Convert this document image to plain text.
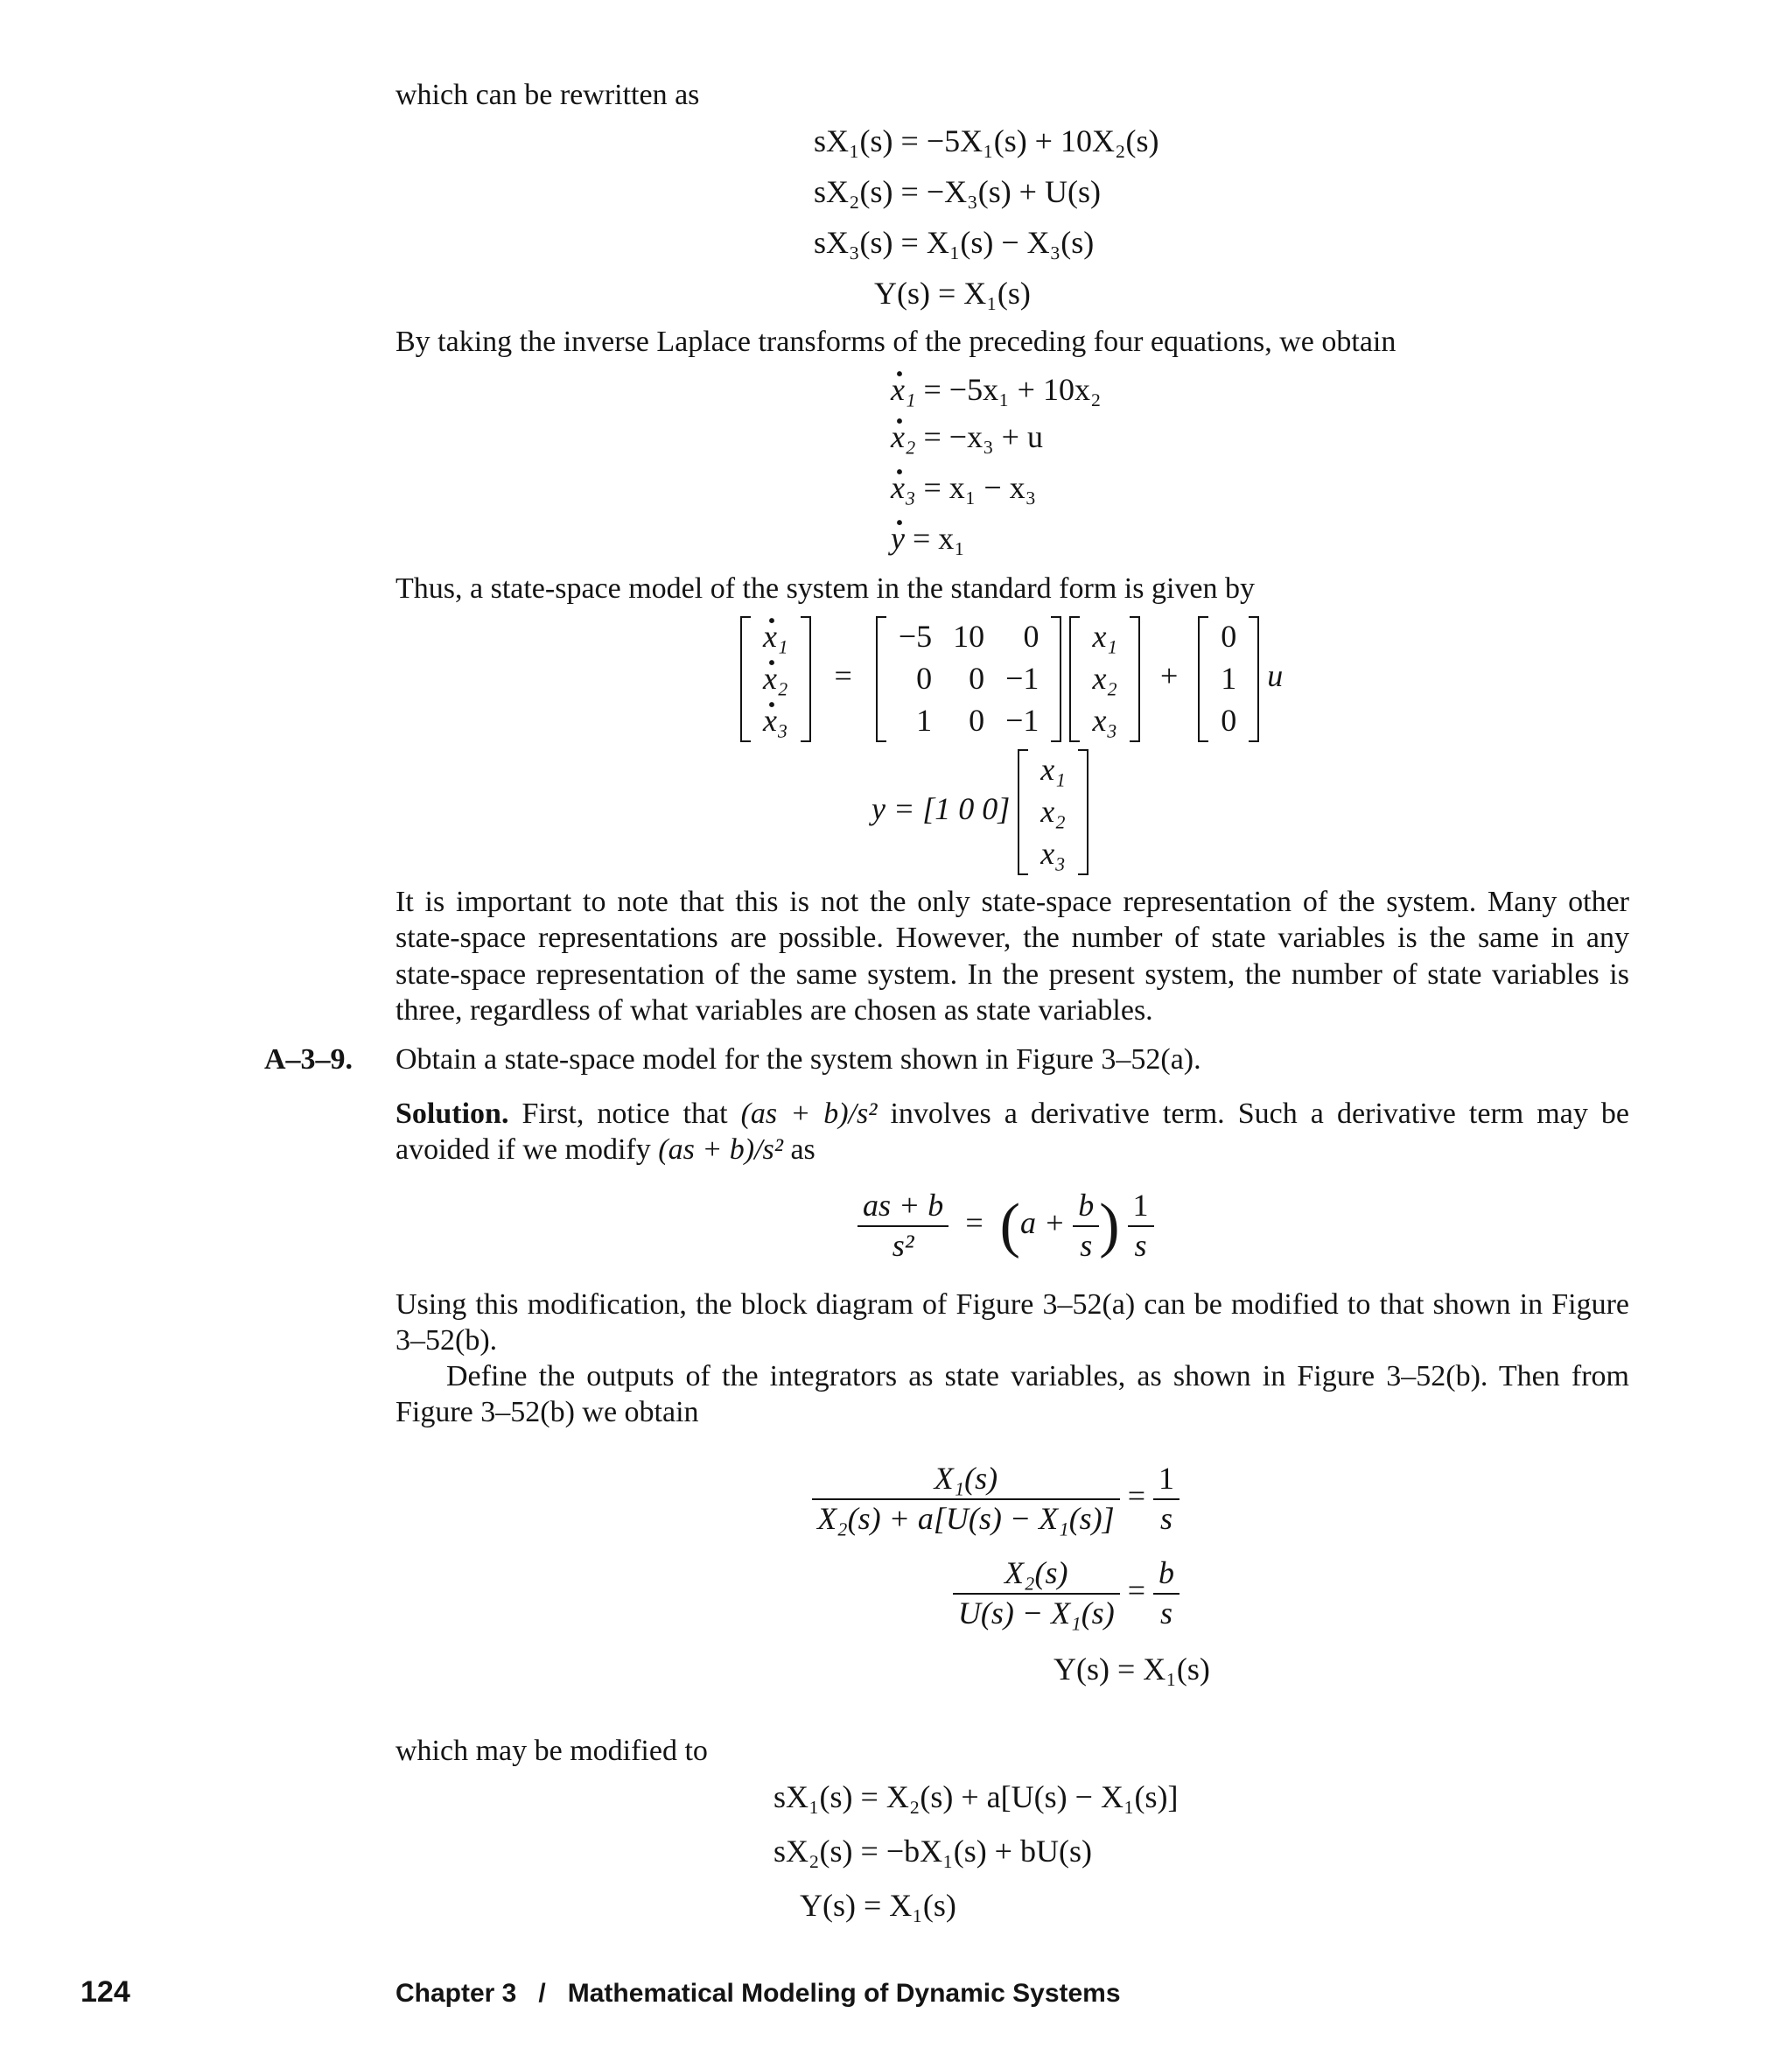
which can be rewritten as
sX₁(s) = −5X₁(s) + 10X₂(s)
sX₂(s) = −X₃(s) + U(s)
sX₃(s) = X₁(s) − X₃(s)
Y(s) = X₁(s)
By taking the inverse Laplace transforms of the preceding four equations, we obtain
x₁ · = −5x₁ + 10x₂
x₂ · = −x₃ + u
x₃ · = x₁ − x₃
y · = x₁
Thus, a state-space model of the system in the standard form is given by
x₁ ·
x₂ ·
x₃ ·
=
−5	10	0
0	0	−1
1	0	−1

x₁
x₂
x₃
+
0
1
0
u
y = [1 0 0]
x₁
x₂
x₃
It is important to note that this is not the only state-space representation of the system. Many other state-space representations are possible. However, the number of state variables is the same in any state-space representation of the same system. In the present system, the number of state variables is three, regardless of what variables are chosen as state variables.
A–3–9. Obtain a state-space model for the system shown in Figure 3–52(a).
Solution. First, notice that (as + b)/s² involves a derivative term. Such a derivative term may be avoided if we modify (as + b)/s² as
$\frac{as + b}{\text{s²}} = (a + \frac{b}{s}$ ) $\frac{1}{s}$
Using this modification, the block diagram of Figure 3–52(a) can be modified to that shown in Figure 3–52(b).
Define the outputs of the integrators as state variables, as shown in Figure 3–52(b). Then from Figure 3–52(b) we obtain
$\frac{\text{X₁(s)}}{\text{X₂(s) + a[U(s) − X₁(s)]}} = \frac{1}{s}$
$\frac{\text{X₂(s)}}{\text{U(s) − X₁(s)}} = \frac{b}{s}$
Y(s) = X₁(s)
which may be modified to
sX₁(s) = X₂(s) + a[U(s) − X₁(s)]
sX₂(s) = −bX₁(s) + bU(s)
Y(s) = X₁(s)
124	Chapter 3   /   Mathematical Modeling of Dynamic Systems
